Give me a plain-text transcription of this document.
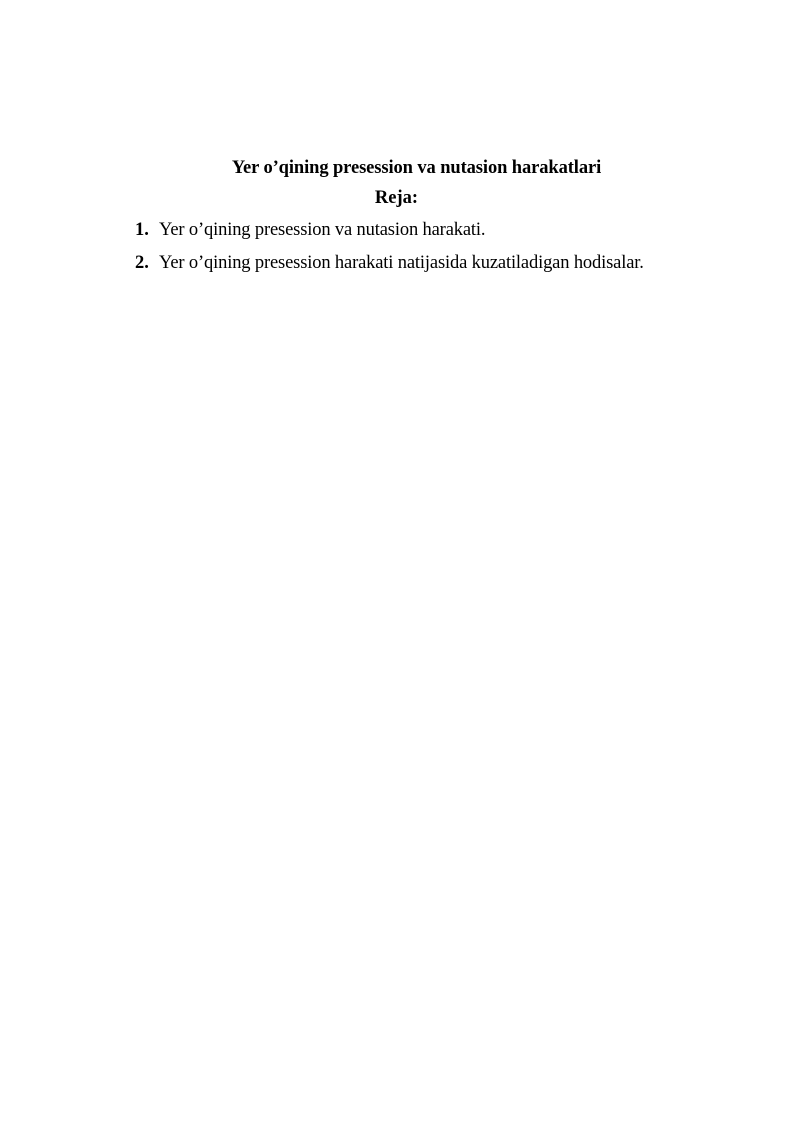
Yer o’qining presession va nutasion harakatlari
Reja:
1. Yer o’qining presession va nutasion harakati.
2. Yer o’qining presession harakati natijasida kuzatiladigan hodisalar.
